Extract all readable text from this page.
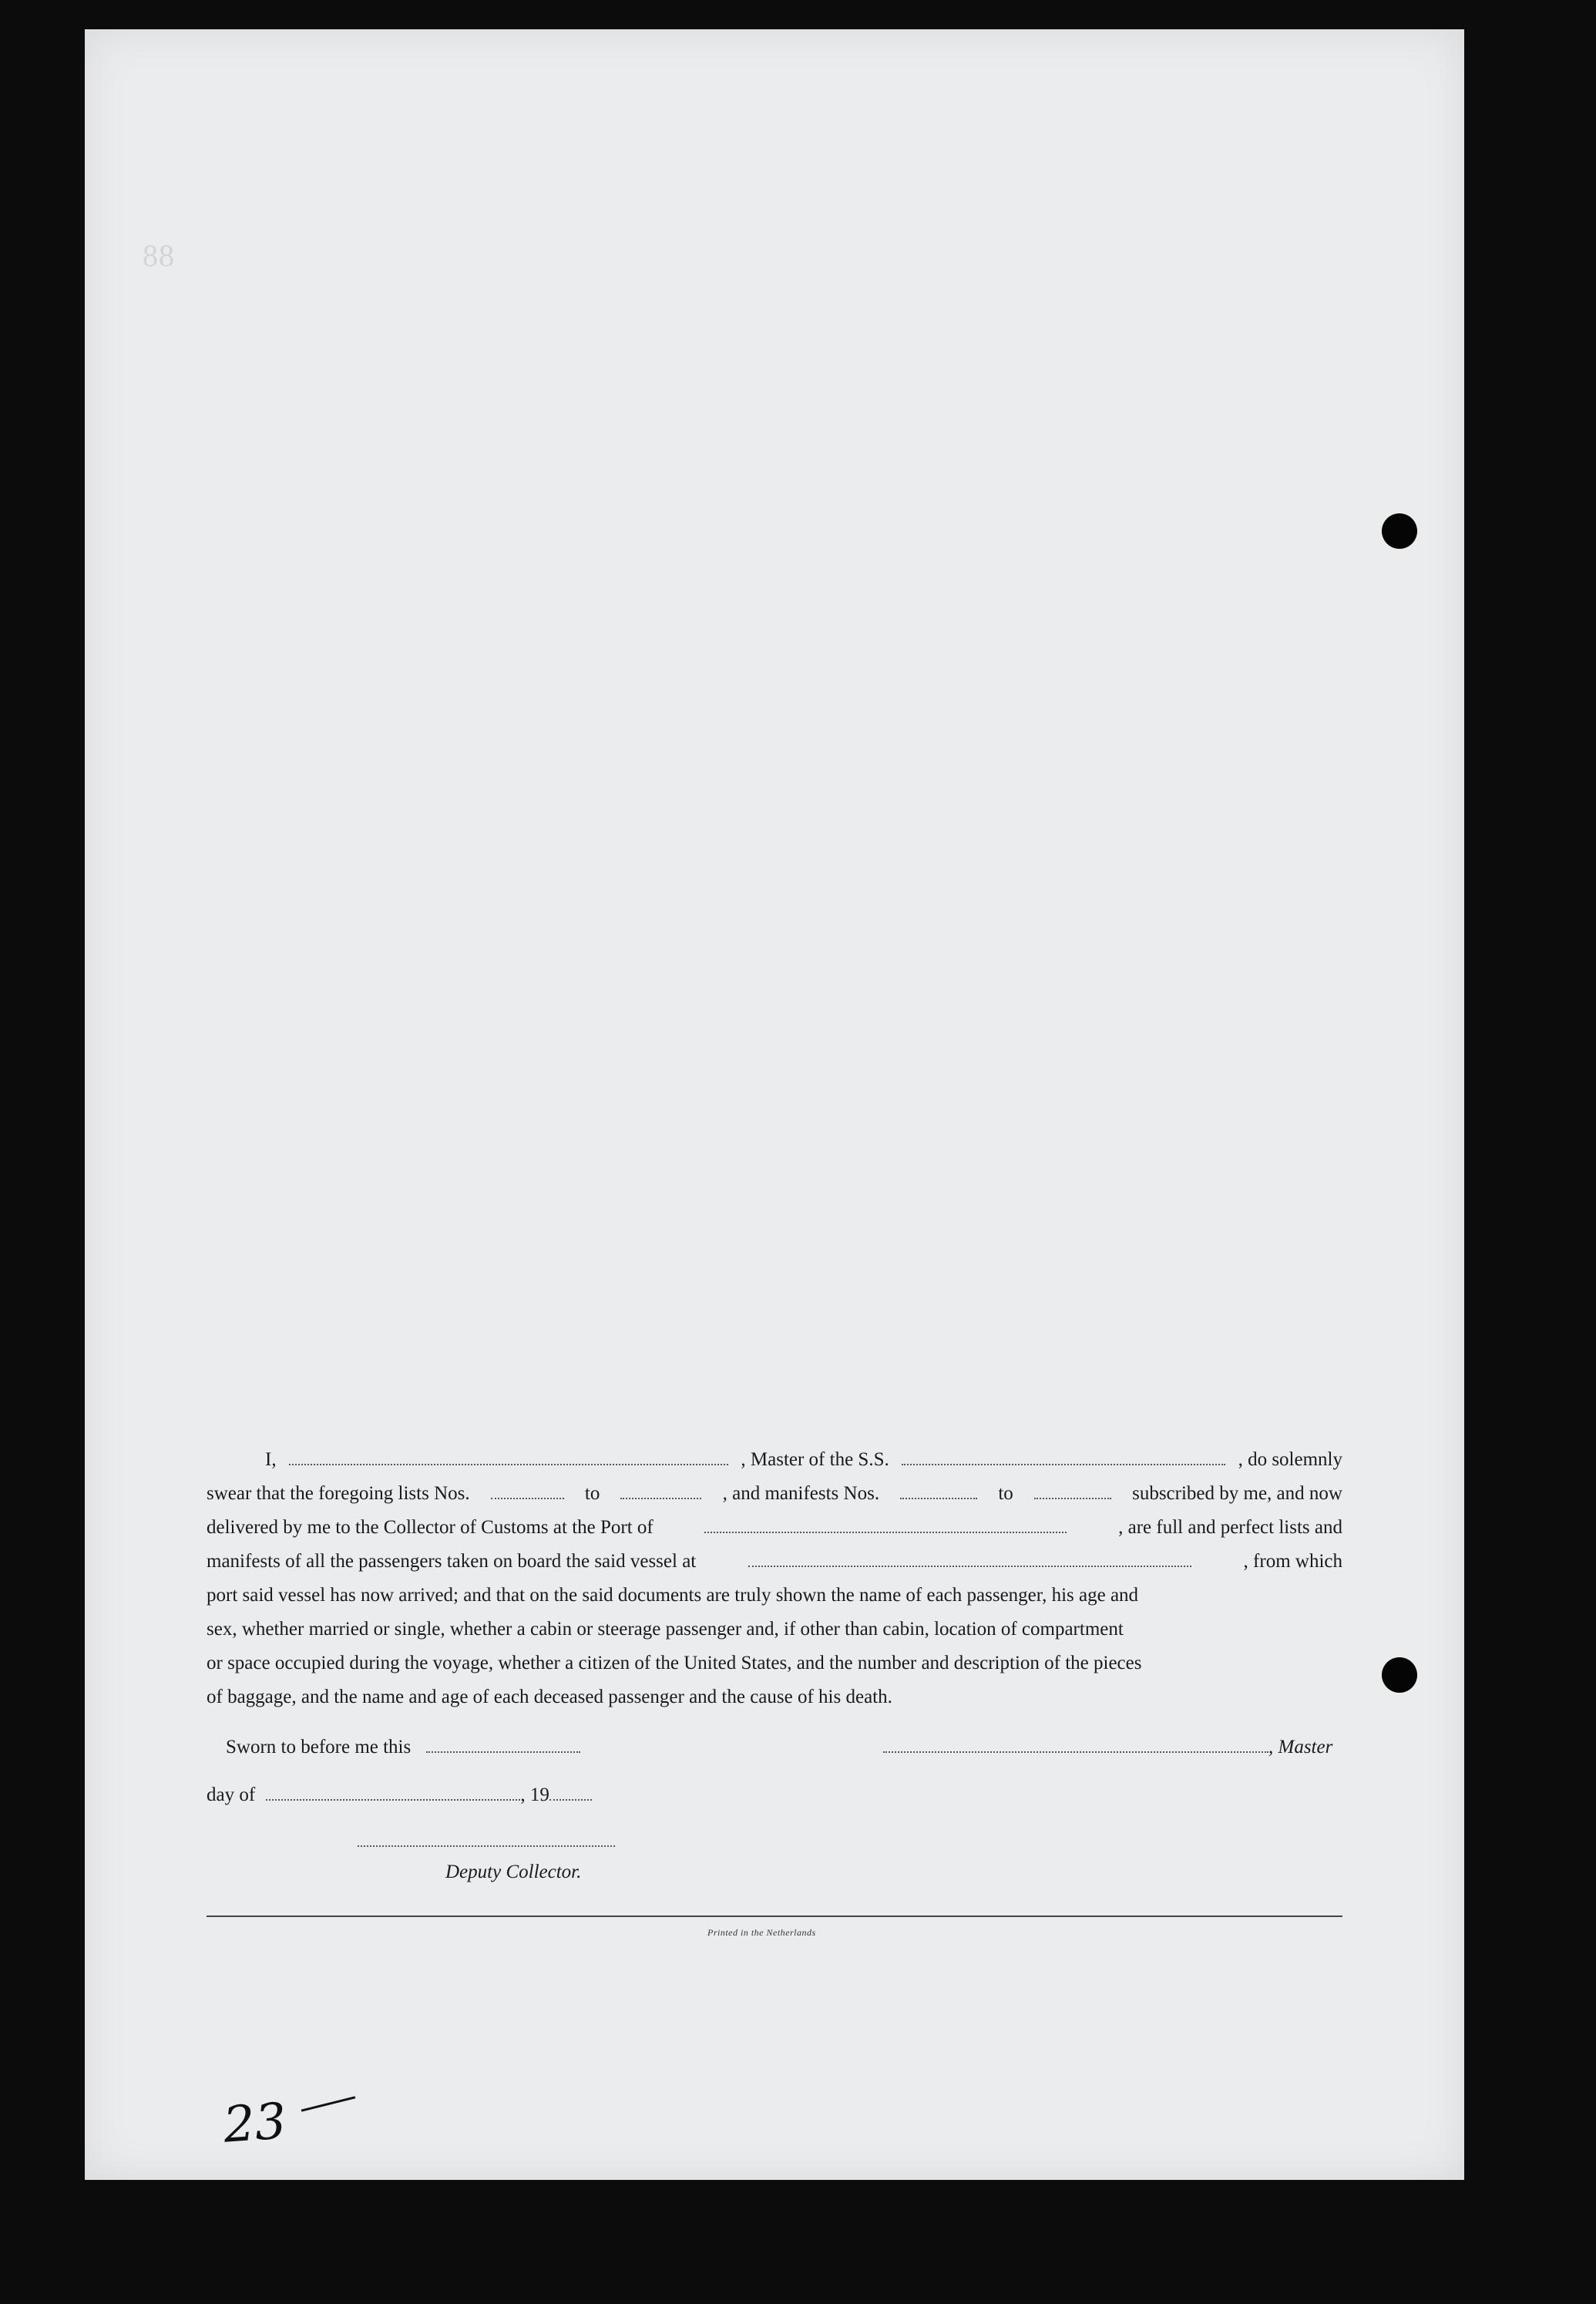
88
I,	, Master of the S.S.	, do solemnly
swear that the foregoing lists Nos.	to	, and manifests Nos.	to	subscribed by me, and now
delivered by me to the Collector of Customs at the Port of	, are full and perfect lists and
manifests of all the passengers taken on board the said vessel at	, from which
port said vessel has now arrived; and that on the said documents are truly shown the name of each passenger, his age and
sex, whether married or single, whether a cabin or steerage passenger and, if other than cabin, location of compartment
or space occupied during the voyage, whether a citizen of the United States, and the number and description of the pieces
of baggage, and the name and age of each deceased passenger and the cause of his death.
Sworn to before me this	, Master
day of	, 19
Deputy Collector.
Printed in the Netherlands
23
